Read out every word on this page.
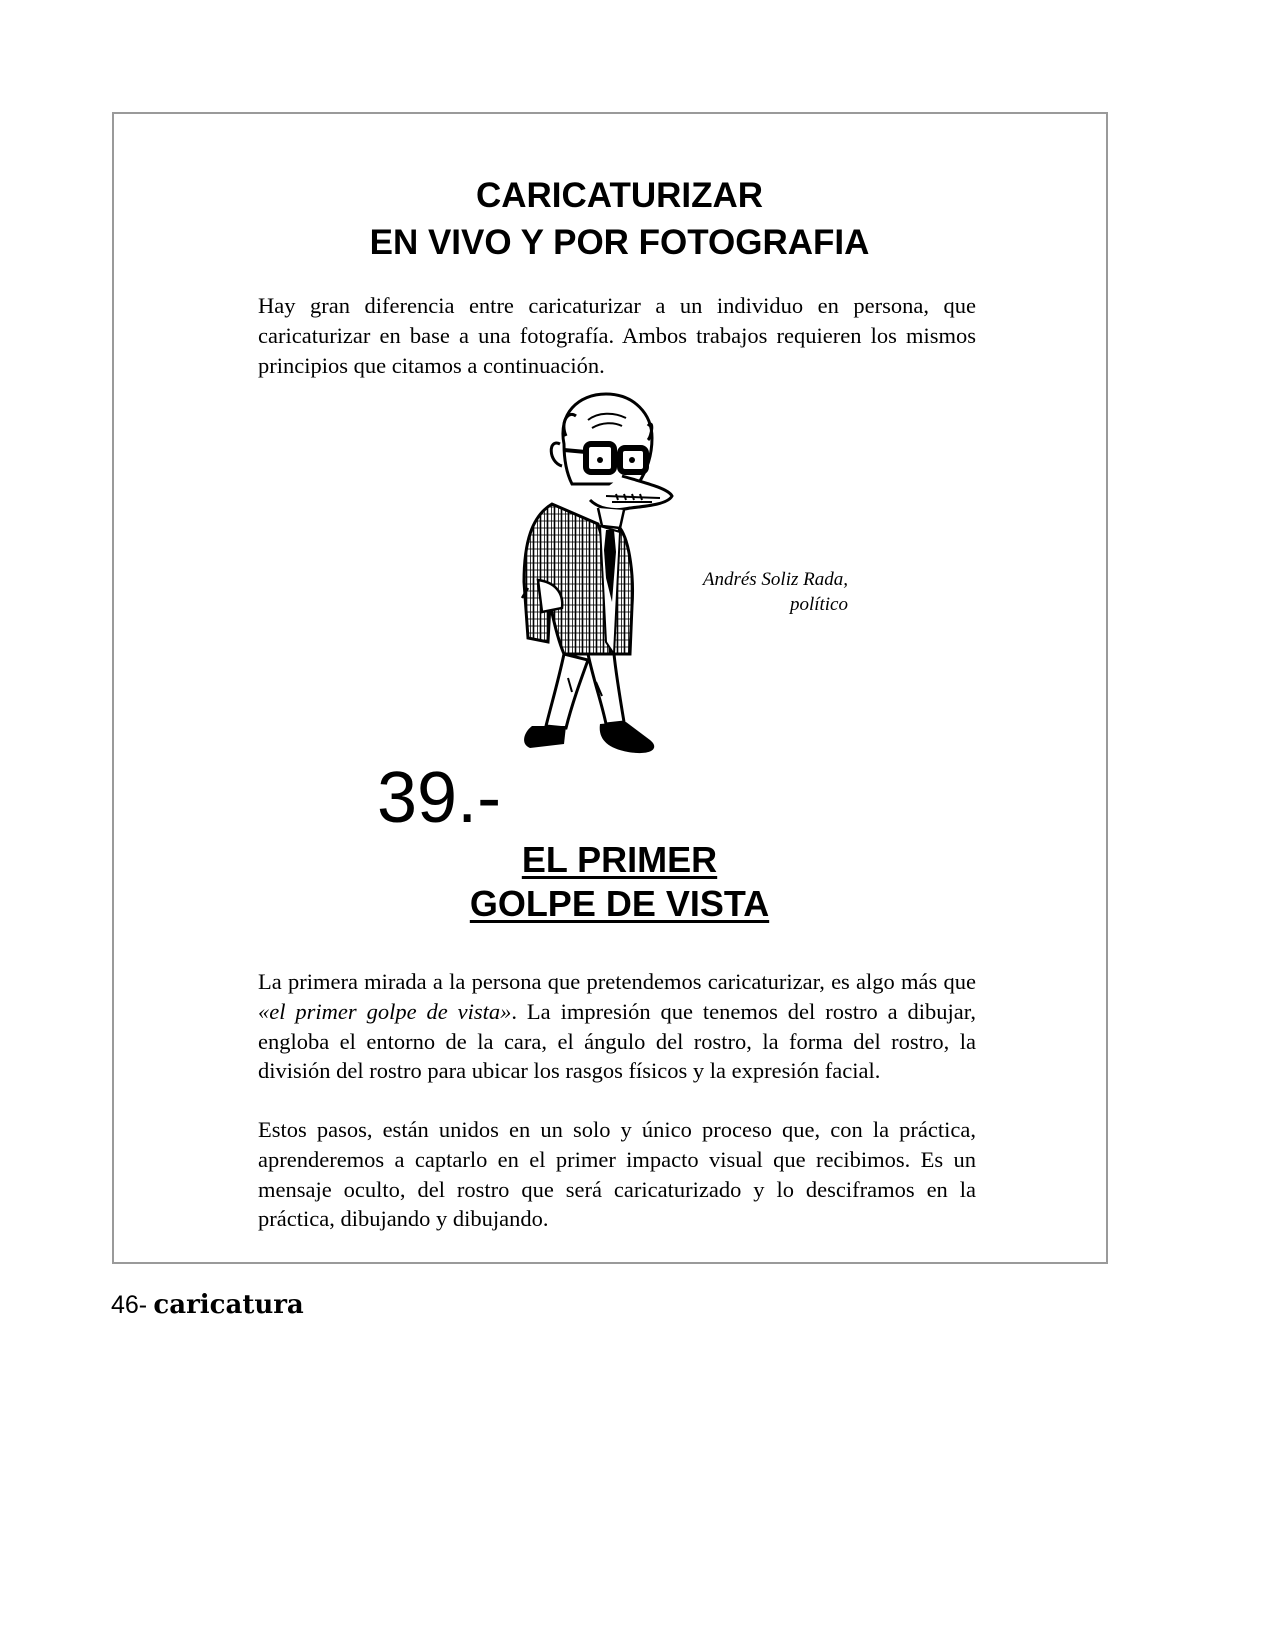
CARICATURIZAR
EN VIVO Y POR FOTOGRAFIA

Hay gran diferencia entre caricaturizar a un individuo en persona, que caricaturizar en base a una fotografía. Ambos trabajos requieren los mismos principios que citamos a continuación.

Andrés Soliz Rada,
político
39.-
EL PRIMER
GOLPE DE VISTA

La primera mirada a la persona que pretendemos caricaturizar, es algo más que «el primer golpe de vista». La impresión que tenemos del rostro a dibujar, engloba el entorno de la cara, el ángulo del rostro, la forma del rostro, la división del rostro para ubicar los rasgos físicos y la expresión facial.

Estos pasos, están unidos en un solo y único proceso que, con la práctica, aprenderemos a captarlo en el primer impacto visual que recibimos. Es un mensaje oculto, del rostro que será caricaturizado y lo desciframos en la práctica, dibujando y dibujando.

46- caricatura
